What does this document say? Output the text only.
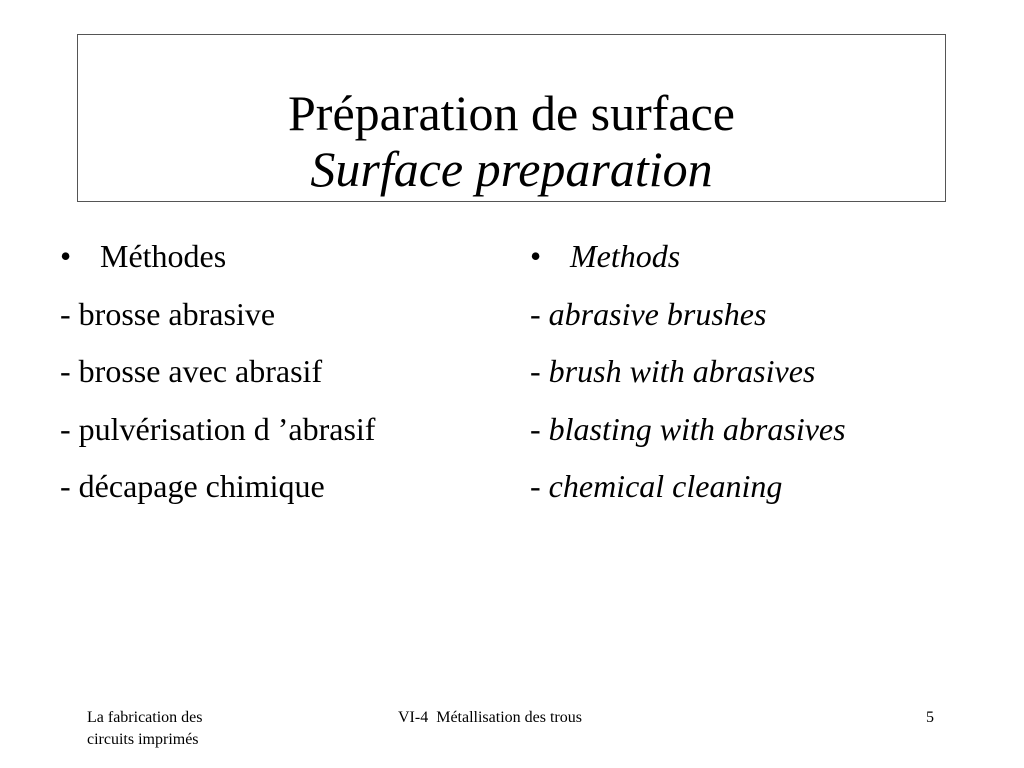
Préparation de surface
Surface preparation
• Méthodes
- brosse abrasive
- brosse avec abrasif
- pulvérisation d ’abrasif
- décapage chimique
• Methods
- abrasive brushes
- brush with abrasives
- blasting with abrasives
- chemical cleaning
La fabrication des
circuits imprimés
VI-4  Métallisation des trous	5
